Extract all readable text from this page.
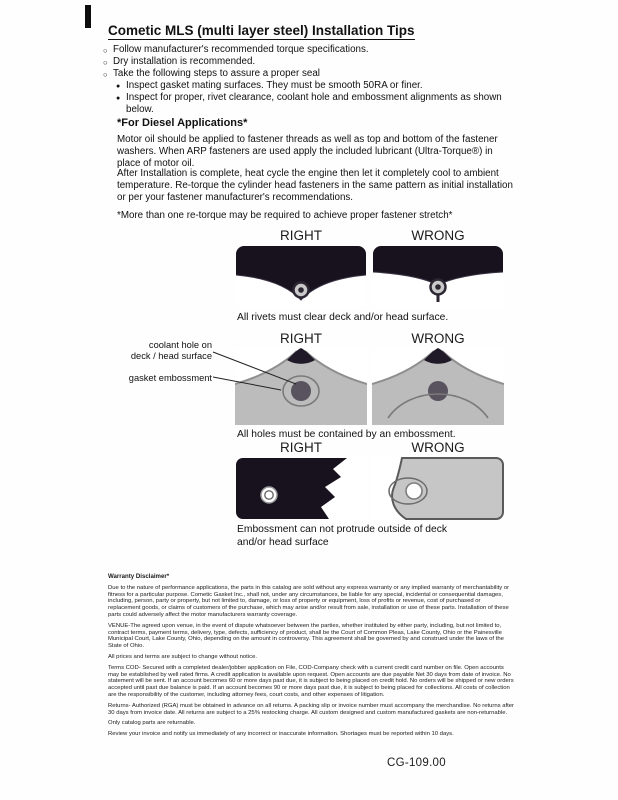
Cometic MLS (multi layer steel) Installation Tips
○ Follow manufacturer's recommended torque specifications.
○ Dry installation is recommended.
○ Take the following steps to assure a proper seal
● Inspect gasket mating surfaces. They must be smooth 50RA or finer.
● Inspect for proper, rivet clearance, coolant hole and embossment alignments as shown below.
*For Diesel Applications*
Motor oil should be applied to fastener threads as well as top and bottom of the fastener washers. When ARP fasteners are used apply the included lubricant (Ultra-Torque®) in place of motor oil.
After Installation is complete, heat cycle the engine then let it completely cool to ambient temperature. Re-torque the cylinder head fasteners in the same pattern as initial installation or per your fastener manufacturer's recommendations.
*More than one re-torque may be required to achieve proper fastener stretch*
RIGHT	WRONG
All rivets must clear deck and/or head surface.
RIGHT	WRONG
All holes must be contained by an embossment.
coolant hole on
deck / head surface
gasket embossment
RIGHT	WRONG
Embossment can not protrude outside of deck and/or head surface
Warranty Disclaimer*

Due to the nature of performance applications, the parts in this catalog are sold without any express warranty or any implied warranty of merchantability or fitness for a particular purpose. Cometic Gasket Inc., shall not, under any circumstances, be liable for any special, incidental or consequential damages, including, person, party or property, but not limited to, damage, or loss of property or equipment, loss of profits or revenue, cost of purchased or replacement goods, or claims of customers of the purchase, which may arise and/or result from sale, installation or use of these parts. Installation of these parts could adversely affect the motor manufacturers warranty coverage.

VENUE-The agreed upon venue, in the event of dispute whatsoever between the parties, whether instituted by either party, including, but not limited to, contract terms, payment terms, delivery, type, defects, sufficiency of product, shall be the Court of Common Pleas, Lake County, Ohio or the Painesville Municipal Court, Lake County, Ohio, depending on the amount in controversy. This agreement shall be governed by and construed under the laws of the State of Ohio.

All prices and terms are subject to change without notice.

Terms COD- Secured with a completed dealer/jobber application on File, COD-Company check with a current credit card number on file. Open accounts may be established by well rated firms. A credit application is available upon request. Open accounts are due payable Net 30 days from date of invoice. No statement will be sent. If an account becomes 60 or more days past due, it is subject to being placed on credit hold. No orders will be shipped or new orders accepted until past due balance is paid. If an account becomes 90 or more days past due, it is subject to being placed for collections. All costs of collection are the responsibility of the customer, including attorney fees, court costs, and other expenses of litigation.

Returns- Authorized (RGA) must be obtained in advance on all returns. A packing slip or invoice number must accompany the merchandise. No returns after 30 days from invoice date. All returns are subject to a 25% restocking charge. All custom designed and custom manufactured gaskets are non-returnable.

Only catalog parts are returnable.

Review your invoice and notify us immediately of any incorrect or inaccurate information. Shortages must be reported within 10 days.

CG-109.00
